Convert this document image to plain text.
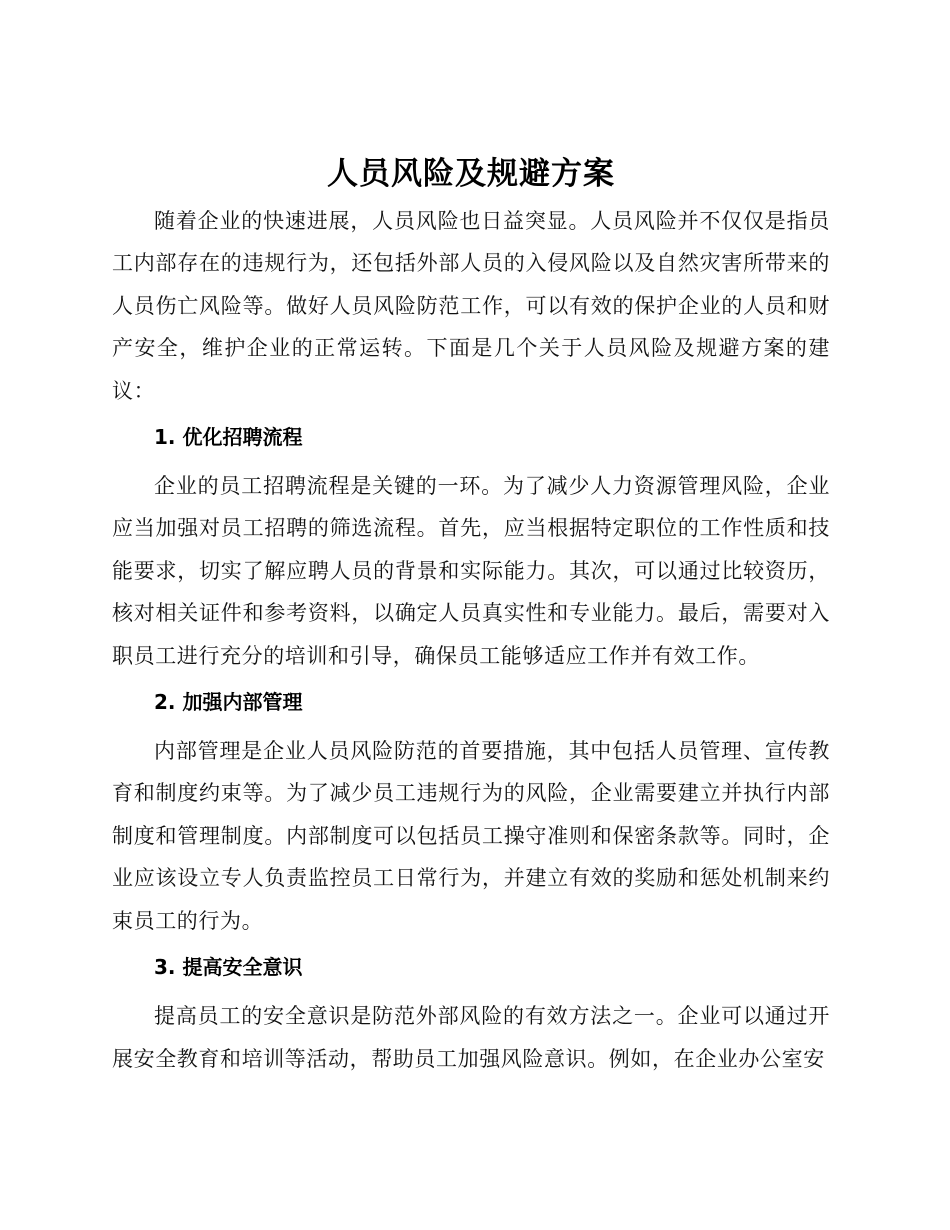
人员风险及规避方案

随着企业的快速进展，人员风险也日益突显。人员风险并不仅仅是指员工内部存在的违规行为，还包括外部人员的入侵风险以及自然灾害所带来的人员伤亡风险等。做好人员风险防范工作，可以有效的保护企业的人员和财产安全，维护企业的正常运转。下面是几个关于人员风险及规避方案的建议：

1. 优化招聘流程

企业的员工招聘流程是关键的一环。为了减少人力资源管理风险，企业应当加强对员工招聘的筛选流程。首先，应当根据特定职位的工作性质和技能要求，切实了解应聘人员的背景和实际能力。其次，可以通过比较资历，核对相关证件和参考资料，以确定人员真实性和专业能力。最后，需要对入职员工进行充分的培训和引导，确保员工能够适应工作并有效工作。

2. 加强内部管理

内部管理是企业人员风险防范的首要措施，其中包括人员管理、宣传教育和制度约束等。为了减少员工违规行为的风险，企业需要建立并执行内部制度和管理制度。内部制度可以包括员工操守准则和保密条款等。同时，企业应该设立专人负责监控员工日常行为，并建立有效的奖励和惩处机制来约束员工的行为。

3. 提高安全意识

提高员工的安全意识是防范外部风险的有效方法之一。企业可以通过开展安全教育和培训等活动，帮助员工加强风险意识。例如，在企业办公室安
